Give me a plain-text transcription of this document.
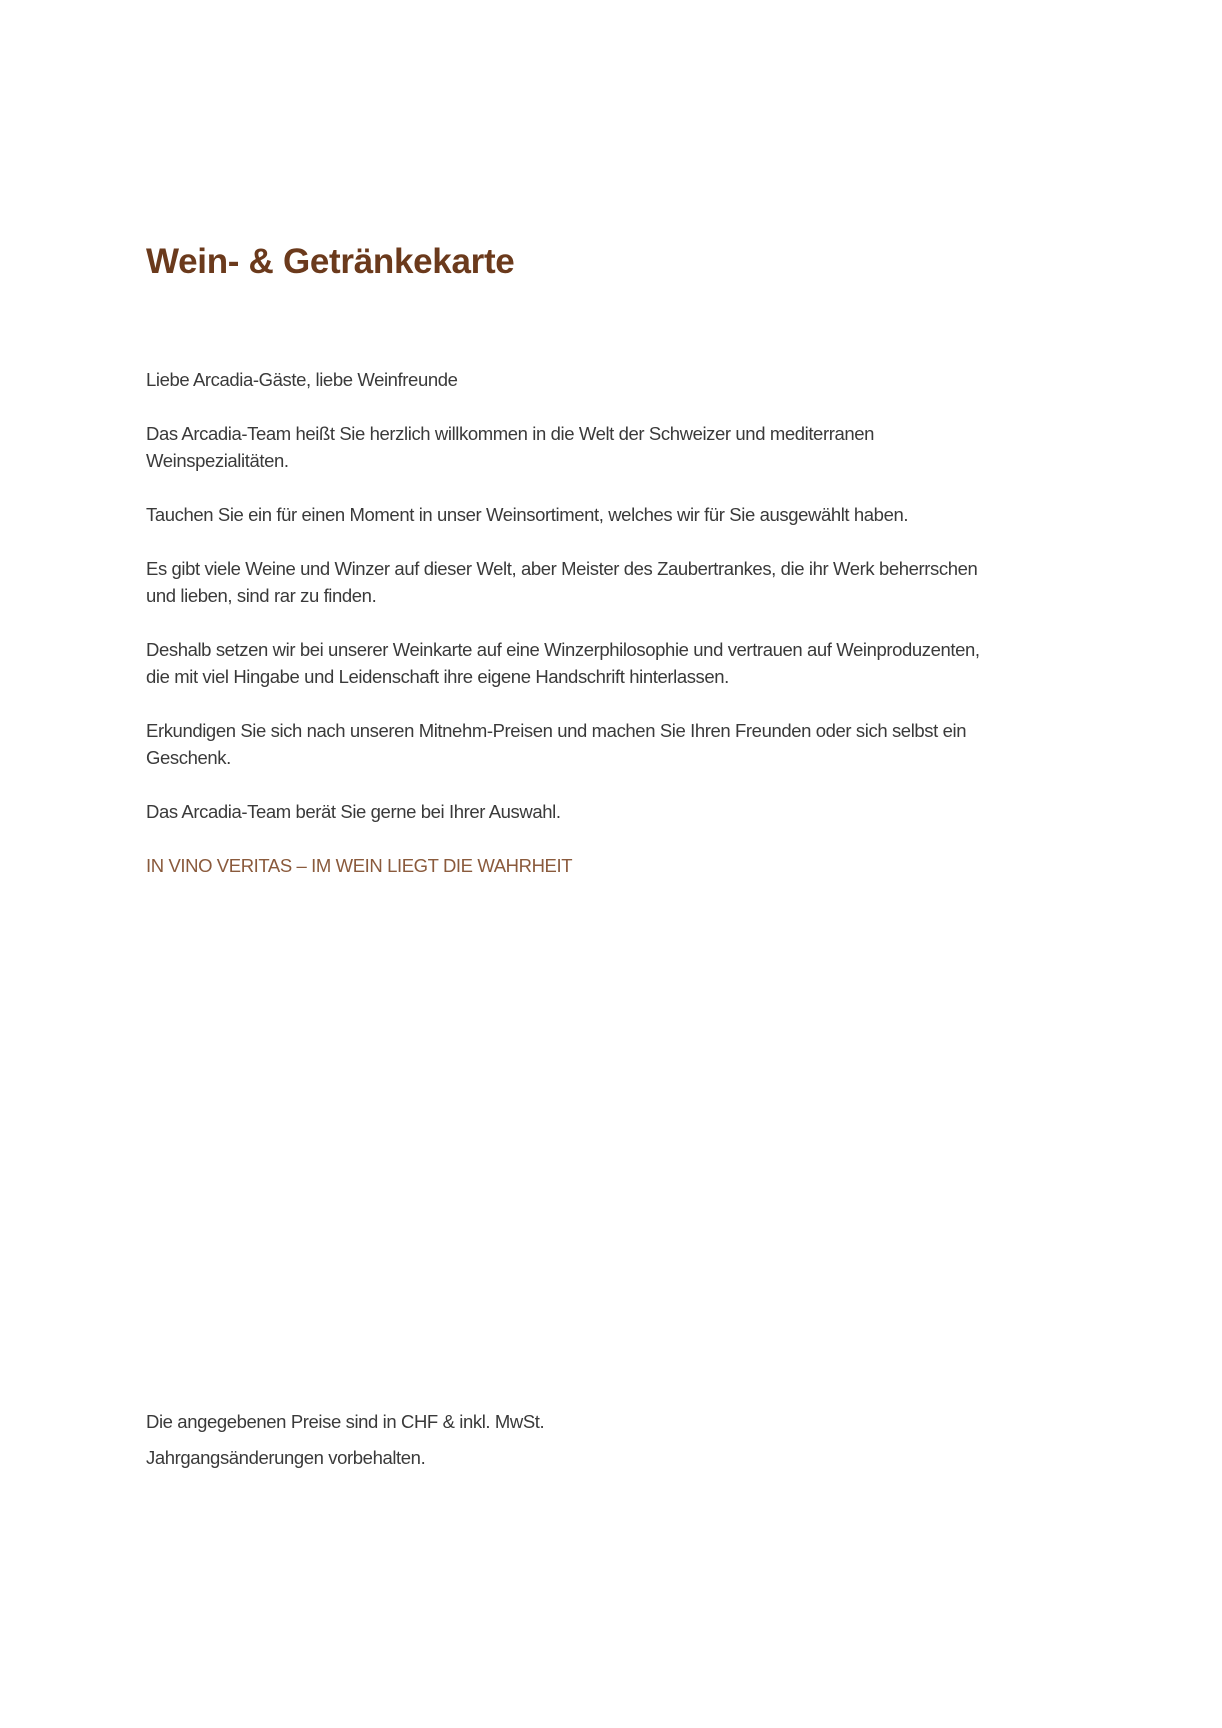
Wein- & Getränkekarte

Liebe Arcadia-Gäste, liebe Weinfreunde

Das Arcadia-Team heißt Sie herzlich willkommen in die Welt der Schweizer und mediterranen Weinspezialitäten.

Tauchen Sie ein für einen Moment in unser Weinsortiment, welches wir für Sie ausgewählt haben.

Es gibt viele Weine und Winzer auf dieser Welt, aber Meister des Zaubertrankes, die ihr Werk beherrschen und lieben, sind rar zu finden.

Deshalb setzen wir bei unserer Weinkarte auf eine Winzerphilosophie und vertrauen auf Weinproduzenten, die mit viel Hingabe und Leidenschaft ihre eigene Handschrift hinterlassen.

Erkundigen Sie sich nach unseren Mitnehm-Preisen und machen Sie Ihren Freunden oder sich selbst ein Geschenk.

Das Arcadia-Team berät Sie gerne bei Ihrer Auswahl.

IN VINO VERITAS – IM WEIN LIEGT DIE WAHRHEIT

Die angegebenen Preise sind in CHF & inkl. MwSt.

Jahrgangsänderungen vorbehalten.
